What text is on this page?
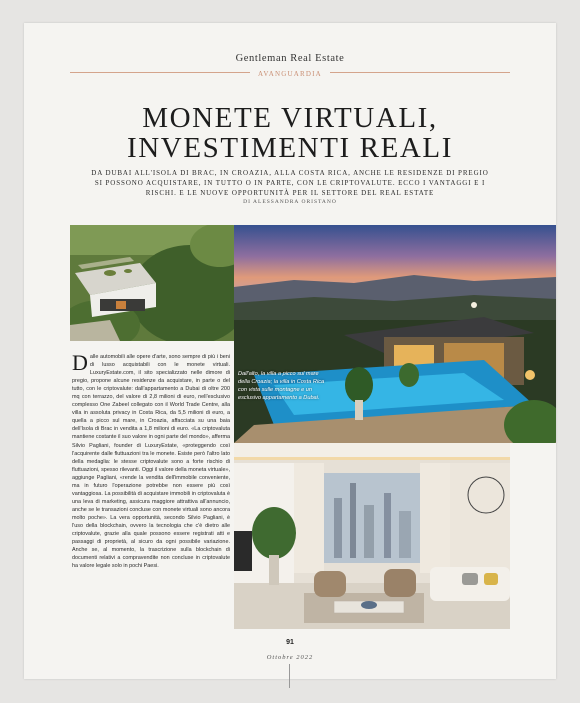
Gentleman Real Estate
AVANGUARDIA
MONETE VIRTUALI,
INVESTIMENTI REALI
DA DUBAI ALL'ISOLA DI BRAC, IN CROAZIA, ALLA COSTA RICA, ANCHE LE RESIDENZE DI PREGIO SI POSSONO ACQUISTARE, IN TUTTO O IN PARTE, CON LE CRIPTOVALUTE. ECCO I VANTAGGI E I RISCHI. E LE NUOVE OPPORTUNITÀ PER IL SETTORE DEL REAL ESTATE
DI ALESSANDRA ORISTANO
Dall'alto, la villa a picco sul mare della Croazia; la villa in Costa Rica con vista sulle montagne e un esclusivo appartamento a Dubai.
Dalle automobili alle opere d'arte, sono sempre di più i beni di lusso acquistabili con le monete virtuali. LuxuryEstate.com, il sito specializzato nelle dimore di pregio, propone alcune residenze da acquistare, in parte o del tutto, con le criptovalute: dall'appartamento a Dubai di oltre 200 mq con terrazzo, del valore di 2,8 milioni di euro, nell'esclusivo complesso One Zabeel collegato con il World Trade Centre, alla villa in assoluta privacy in Costa Rica, da 5,5 milioni di euro, a quella a picco sul mare, in Croazia, affacciata su una baia dell'Isola di Brac in vendita a 1,8 milioni di euro. «La criptovaluta mantiene costante il suo valore in ogni parte del mondo», afferma Silvio Pagliani, founder di LuxuryEstate, «proteggendo così l'acquirente dalle fluttuazioni tra le monete. Esiste però l'altro lato della medaglia: le stesse criptovalute sono a forte rischio di fluttuazioni, spesso rilevanti. Oggi il valore della moneta virtuale», aggiunge Pagliani, «rende la vendita dell'immobile conveniente, ma in futuro l'operazione potrebbe non essere più così vantaggiosa. La possibilità di acquistare immobili in criptovaluta è una leva di marketing, assicura maggiore attrattiva all'annuncio, anche se le transazioni concluse con monete virtuali sono ancora molto poche». La vera opportunità, secondo Silvio Pagliani, è l'uso della blockchain, ovvero la tecnologia che c'è dietro alle criptovalute, grazie alla quale possono essere registrati atti e passaggi di proprietà, al sicuro da ogni possibile variazione. Anche se, al momento, la trascrizione sulla blockchain di documenti relativi a compravendite non concluse in criptovalute ha valore legale solo in pochi Paesi.
91
Ottobre 2022
